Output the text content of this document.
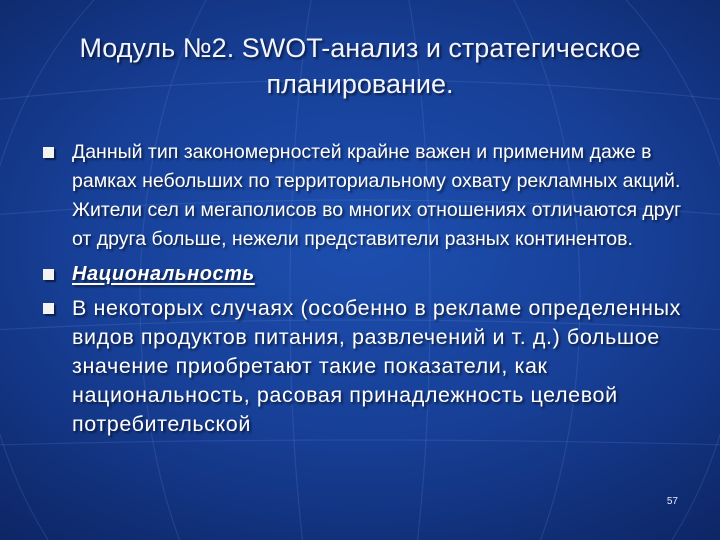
Модуль №2. SWOT-анализ и стратегическое
планирование.
Данный тип закономерностей крайне важен и применим даже в рамках небольших по территориальному охвату рекламных акций. Жители сел и мегаполисов во многих отношениях отличаются друг от друга больше, нежели представители разных континентов.
Национальность
В некоторых случаях (особенно в рекламе определенных видов продуктов питания, развлечений и т. д.) большое значение приобретают такие показатели, как национальность, расовая принадлежность целевой потребительской
57
